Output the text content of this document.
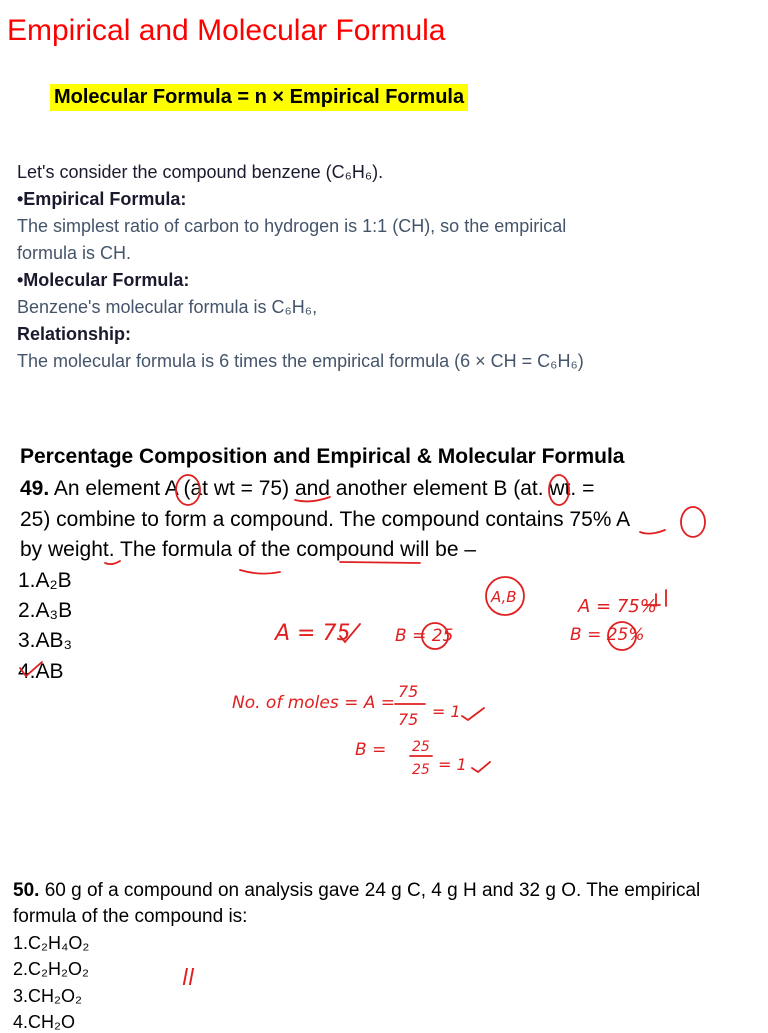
Empirical and Molecular Formula
Molecular Formula = n × Empirical Formula
Let's consider the compound benzene (C₆H₆).
•Empirical Formula:
The simplest ratio of carbon to hydrogen is 1:1 (CH), so the empirical
formula is CH.
•Molecular Formula:
Benzene's molecular formula is C₆H₆,
Relationship:
The molecular formula is 6 times the empirical formula (6 × CH = C₆H₆)
Percentage Composition and Empirical & Molecular Formula
49. An element A (at wt = 75) and another element B (at. wt. =
25) combine to form a compound. The compound contains 75% A
by weight. The formula of the compound will be –
1.A₂B
2.A₃B
3.AB₃
4.AB
50. 60 g of a compound on analysis gave 24 g C, 4 g H and 32 g O. The empirical
formula of the compound is:
1.C₂H₄O₂
2.C₂H₂O₂
3.CH₂O₂
4.CH₂O
A,B
A = 75	B = 25
A = 75%
B = 25%
No. of moles = A =
75
75 = 1
B = 25
25 = 1
ll
